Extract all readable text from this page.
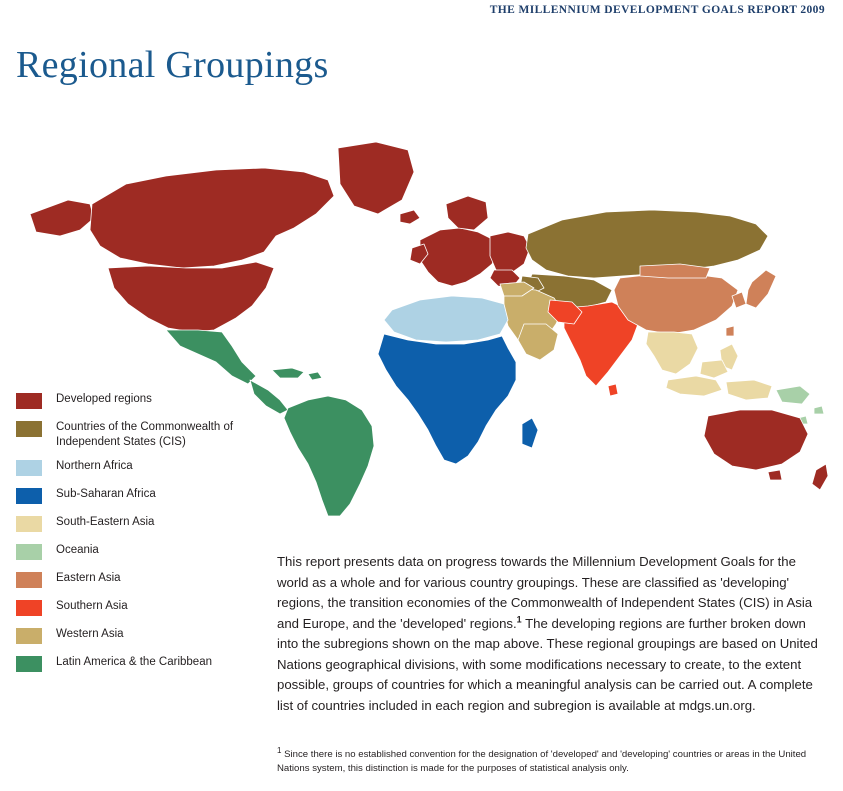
THE MILLENNIUM DEVELOPMENT GOALS REPORT 2009
Regional Groupings
Developed regions
Countries of the Commonwealth of Independent States (CIS)
Northern Africa
Sub-Saharan Africa
South-Eastern Asia
Oceania
Eastern Asia
Southern Asia
Western Asia
Latin America & the Caribbean
This report presents data on progress towards the Millennium Development Goals for the world as a whole and for various country groupings. These are classified as 'developing' regions, the transition economies of the Commonwealth of Independent States (CIS) in Asia and Europe, and the 'developed' regions.$^1$ The developing regions are further broken down into the subregions shown on the map above. These regional groupings are based on United Nations geographical divisions, with some modifications necessary to create, to the extent possible, groups of countries for which a meaningful analysis can be carried out. A complete list of countries included in each region and subregion is available at mdgs.un.org.
$^1$ Since there is no established convention for the designation of 'developed' and 'developing' countries or areas in the United Nations system, this distinction is made for the purposes of statistical analysis only.
